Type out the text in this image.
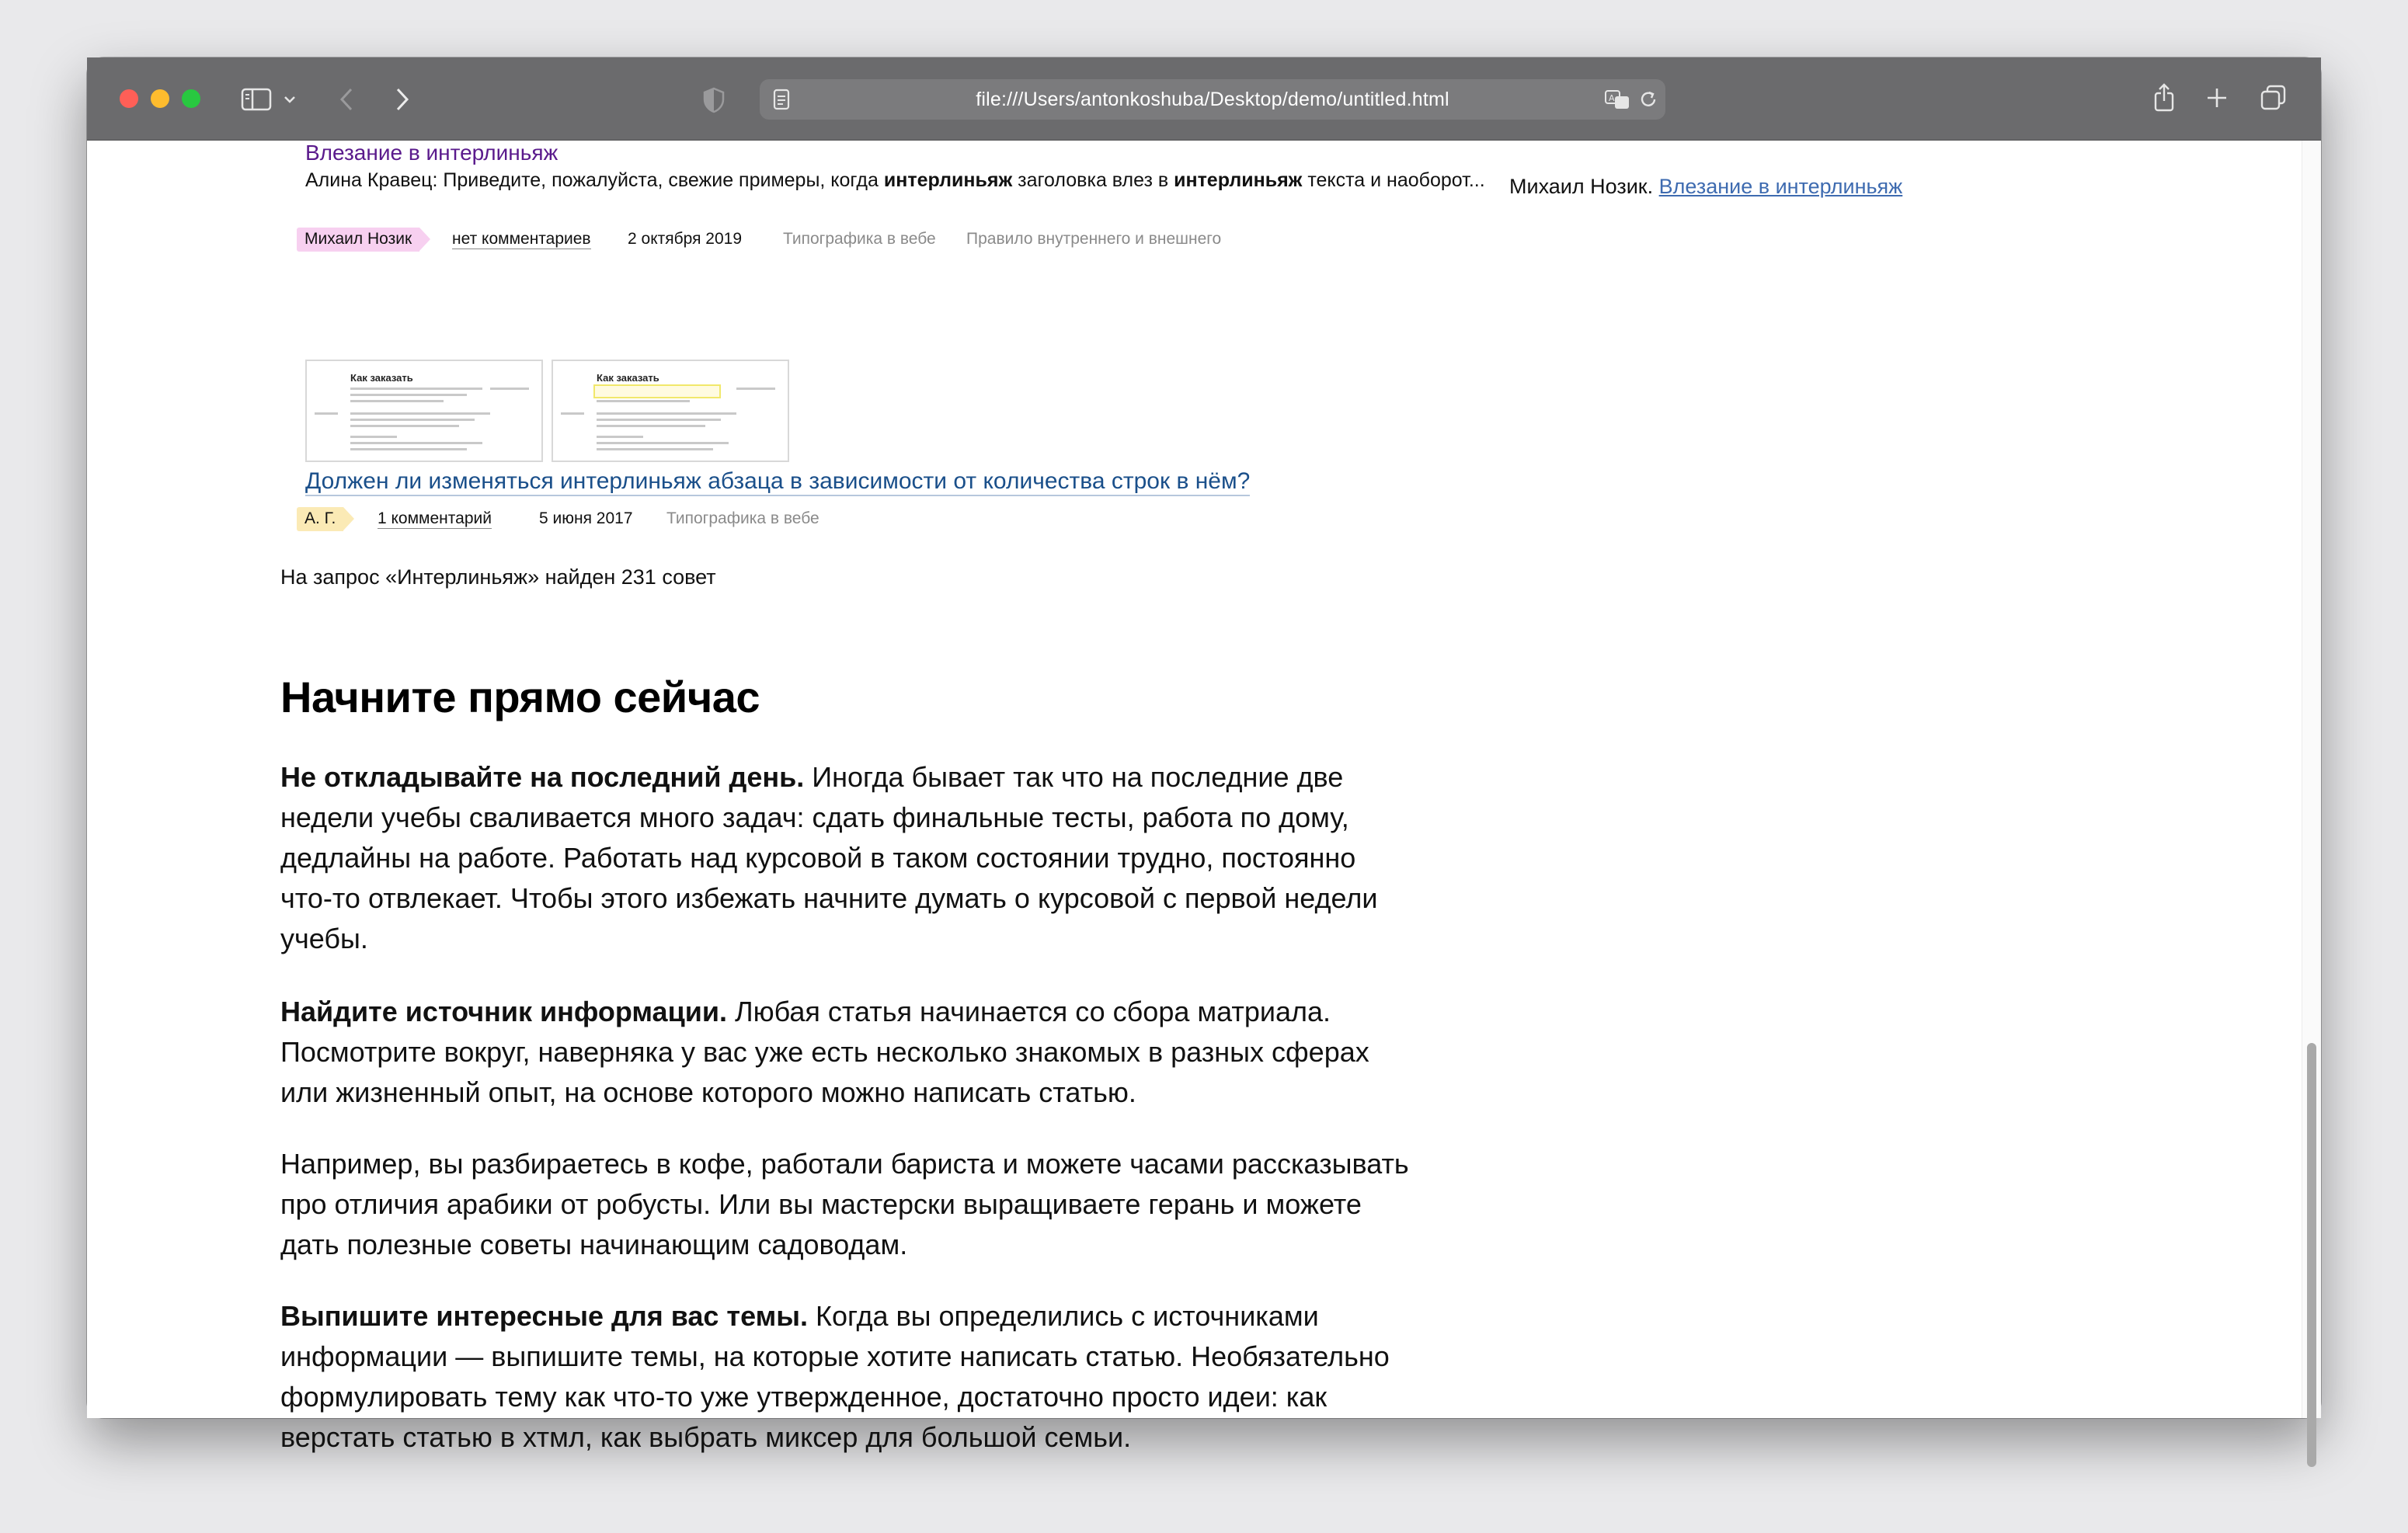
file:///Users/antonkoshuba/Desktop/demo/untitled.html	A
Влезание в интерлиньяж
Алина Кравец: Приведите, пожалуйста, свежие примеры, когда интерлиньяж заголовка влез в интерлиньяж текста и наоборот...
Михаил Нозик	нет комментариев 2 октября 2019	Типографика в вебе Правило внутреннего и внешнего
Михаил Нозик. Влезание в интерлиньяж
Как заказать	Как заказать
Должен ли изменяться интерлиньяж абзаца в зависимости от количества строк в нём?
А. Г.	1 комментарий	5 июня 2017 Типографика в вебе
На запрос «Интерлиньяж» найден 231 совет
Начните прямо сейчас
Не откладывайте на последний день. Иногда бывает так что на последние две
недели учебы сваливается много задач: сдать финальные тесты, работа по дому,
дедлайны на работе. Работать над курсовой в таком состоянии трудно, постоянно
что-то отвлекает. Чтобы этого избежать начните думать о курсовой с первой недели
учебы.
Найдите источник информации. Любая статья начинается со сбора матриала.
Посмотрите вокруг, наверняка у вас уже есть несколько знакомых в разных сферах
или жизненный опыт, на основе которого можно написать статью.
Например, вы разбираетесь в кофе, работали бариста и можете часами рассказывать
про отличия арабики от робусты. Или вы мастерски выращиваете герань и можете
дать полезные советы начинающим садоводам.
Выпишите интересные для вас темы. Когда вы определились с источниками
информации — выпишите темы, на которые хотите написать статью. Необязательно
формулировать тему как что-то уже утвержденное, достаточно просто идеи: как
верстать статью в хтмл, как выбрать миксер для большой семьи.
